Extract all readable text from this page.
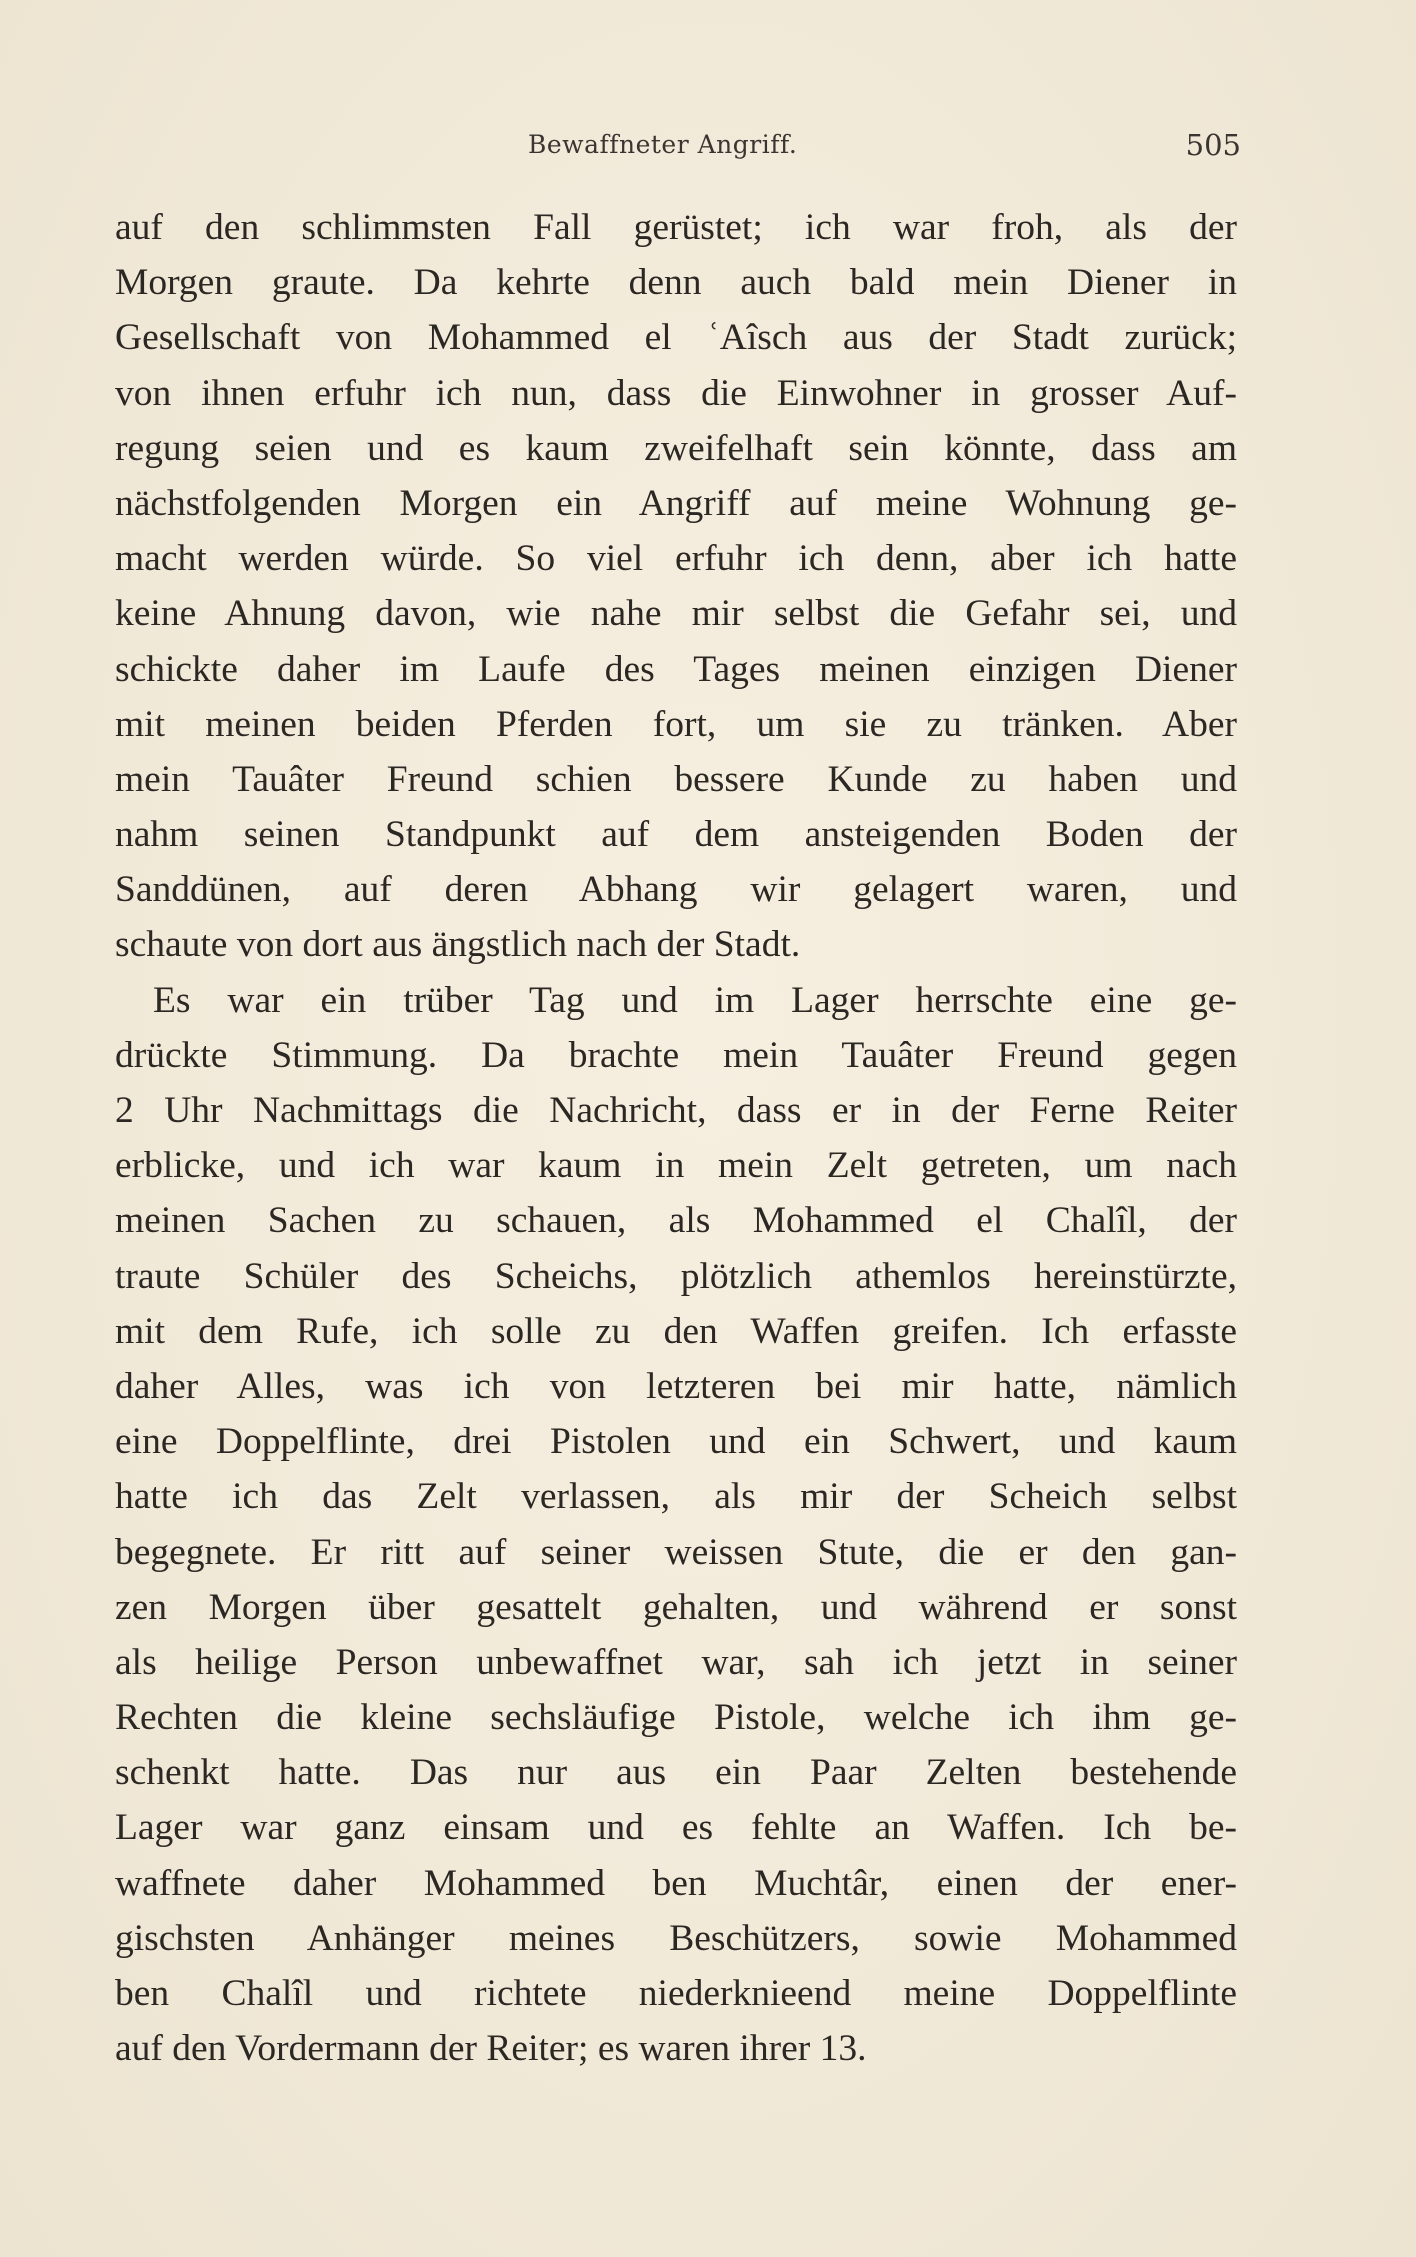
Bewaffneter Angriff.	505
auf den schlimmsten Fall gerüstet; ich war froh, als der
Morgen graute. Da kehrte denn auch bald mein Diener in
Gesellschaft von Mohammed el ʿAîsch aus der Stadt zurück;
von ihnen erfuhr ich nun, dass die Einwohner in grosser Auf-
regung seien und es kaum zweifelhaft sein könnte, dass am
nächstfolgenden Morgen ein Angriff auf meine Wohnung ge-
macht werden würde. So viel erfuhr ich denn, aber ich hatte
keine Ahnung davon, wie nahe mir selbst die Gefahr sei, und
schickte daher im Laufe des Tages meinen einzigen Diener
mit meinen beiden Pferden fort, um sie zu tränken. Aber
mein Tauâter Freund schien bessere Kunde zu haben und
nahm seinen Standpunkt auf dem ansteigenden Boden der
Sanddünen, auf deren Abhang wir gelagert waren, und
schaute von dort aus ängstlich nach der Stadt.
Es war ein trüber Tag und im Lager herrschte eine ge-
drückte Stimmung. Da brachte mein Tauâter Freund gegen
2 Uhr Nachmittags die Nachricht, dass er in der Ferne Reiter
erblicke, und ich war kaum in mein Zelt getreten, um nach
meinen Sachen zu schauen, als Mohammed el Chalîl, der
traute Schüler des Scheichs, plötzlich athemlos hereinstürzte,
mit dem Rufe, ich solle zu den Waffen greifen. Ich erfasste
daher Alles, was ich von letzteren bei mir hatte, nämlich
eine Doppelflinte, drei Pistolen und ein Schwert, und kaum
hatte ich das Zelt verlassen, als mir der Scheich selbst
begegnete. Er ritt auf seiner weissen Stute, die er den gan-
zen Morgen über gesattelt gehalten, und während er sonst
als heilige Person unbewaffnet war, sah ich jetzt in seiner
Rechten die kleine sechsläufige Pistole, welche ich ihm ge-
schenkt hatte. Das nur aus ein Paar Zelten bestehende
Lager war ganz einsam und es fehlte an Waffen. Ich be-
waffnete daher Mohammed ben Muchtâr, einen der ener-
gischsten Anhänger meines Beschützers, sowie Mohammed
ben Chalîl und richtete niederknieend meine Doppelflinte
auf den Vordermann der Reiter; es waren ihrer 13.
